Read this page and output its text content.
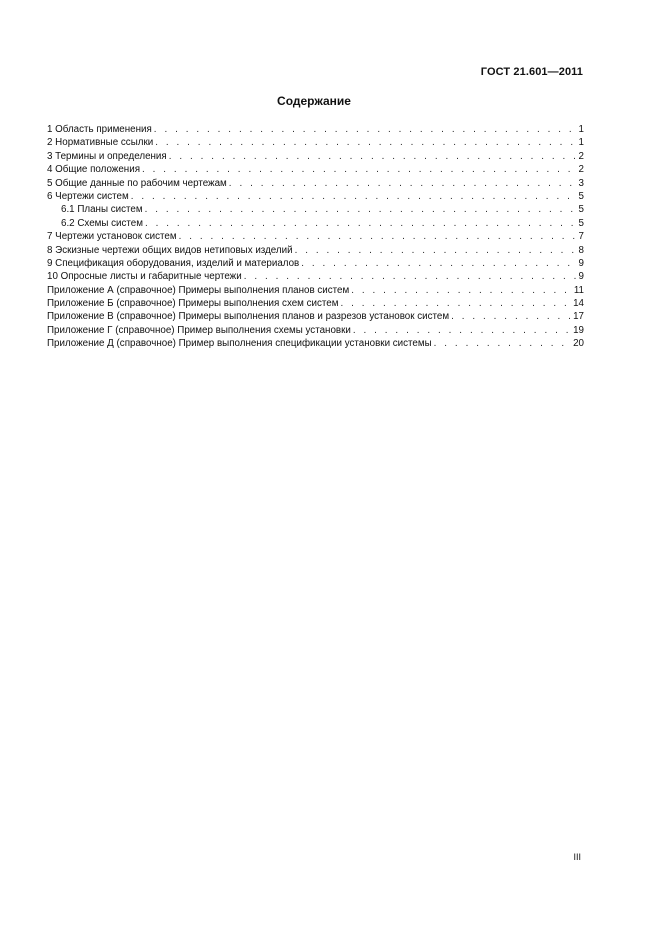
ГОСТ 21.601—2011
Содержание
1 Область применения . . .	1
2 Нормативные ссылки . . .	1
3 Термины и определения . . .	2
4 Общие положения . . .	2
5 Общие данные по рабочим чертежам . . .	3
6 Чертежи систем . . .	5
6.1 Планы систем . . .	5
6.2 Схемы систем . . .	5
7 Чертежи установок систем . . .	7
8 Эскизные чертежи общих видов нетиповых изделий . . .	8
9 Спецификация оборудования, изделий и материалов . . .	9
10 Опросные листы и габаритные чертежи . . .	9
Приложение А (справочное) Примеры выполнения планов систем . . .	11
Приложение Б (справочное) Примеры выполнения схем систем . . .	14
Приложение В (справочное) Примеры выполнения планов и разрезов установок систем . . .	17
Приложение Г (справочное) Пример выполнения схемы установки . . .	19
Приложение Д (справочное) Пример выполнения спецификации установки системы . . .	20
III
